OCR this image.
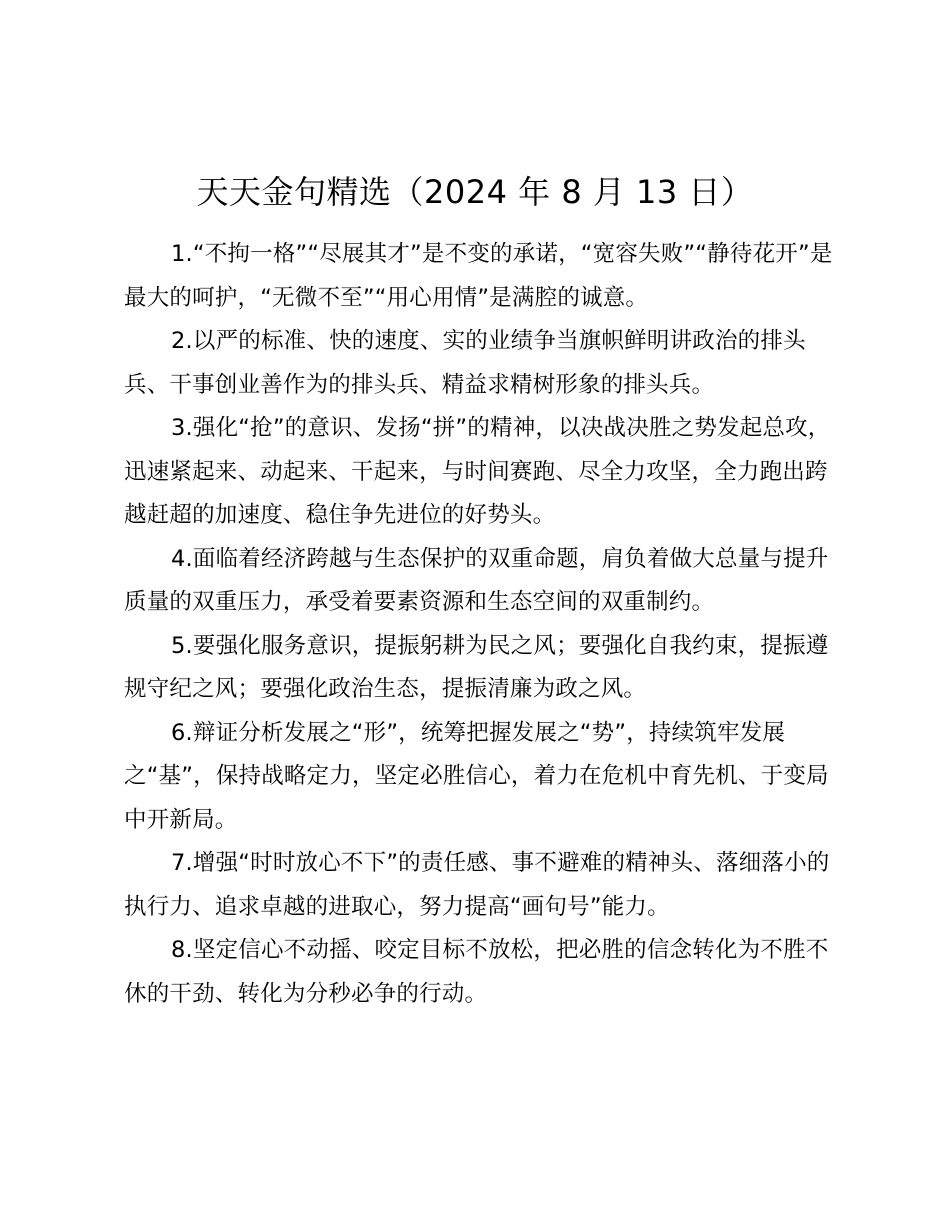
天天金句精选（2024 年 8 月 13 日）

1.“不拘一格”“尽展其才”是不变的承诺，“宽容失败”“静待花开”是最大的呵护，“无微不至”“用心用情”是满腔的诚意。

2.以严的标准、快的速度、实的业绩争当旗帜鲜明讲政治的排头兵、干事创业善作为的排头兵、精益求精树形象的排头兵。

3.强化“抢”的意识、发扬“拼”的精神，以决战决胜之势发起总攻，迅速紧起来、动起来、干起来，与时间赛跑、尽全力攻坚，全力跑出跨越赶超的加速度、稳住争先进位的好势头。

4.面临着经济跨越与生态保护的双重命题，肩负着做大总量与提升质量的双重压力，承受着要素资源和生态空间的双重制约。

5.要强化服务意识，提振躬耕为民之风；要强化自我约束，提振遵规守纪之风；要强化政治生态，提振清廉为政之风。

6.辩证分析发展之“形”，统筹把握发展之“势”，持续筑牢发展之“基”，保持战略定力，坚定必胜信心，着力在危机中育先机、于变局中开新局。

7.增强“时时放心不下”的责任感、事不避难的精神头、落细落小的执行力、追求卓越的进取心，努力提高“画句号”能力。

8.坚定信心不动摇、咬定目标不放松，把必胜的信念转化为不胜不休的干劲、转化为分秒必争的行动。
